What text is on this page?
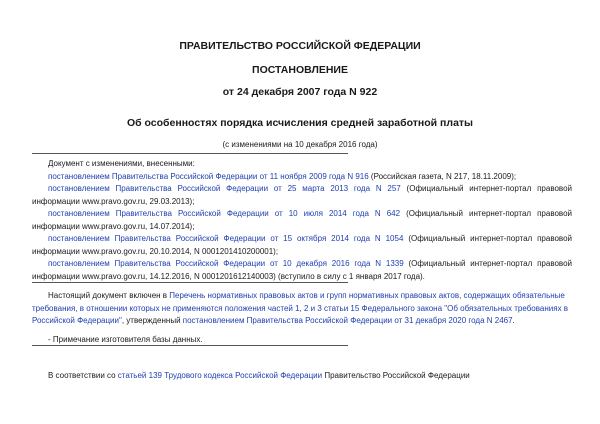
ПРАВИТЕЛЬСТВО РОССИЙСКОЙ ФЕДЕРАЦИИ
ПОСТАНОВЛЕНИЕ
от 24 декабря 2007 года N 922
Об особенностях порядка исчисления средней заработной платы
(с изменениями на 10 декабря 2016 года)
Документ с изменениями, внесенными:
постановлением Правительства Российской Федерации от 11 ноября 2009 года N 916 (Российская газета, N 217, 18.11.2009);
постановлением Правительства Российской Федерации от 25 марта 2013 года N 257 (Официальный интернет-портал правовой
информации www.pravo.gov.ru, 29.03.2013);
постановлением Правительства Российской Федерации от 10 июля 2014 года N 642 (Официальный интернет-портал правовой
информации www.pravo.gov.ru, 14.07.2014);
постановлением Правительства Российской Федерации от 15 октября 2014 года N 1054 (Официальный интернет-портал правовой
информации www.pravo.gov.ru, 20.10.2014, N 0001201410200001);
постановлением Правительства Российской Федерации от 10 декабря 2016 года N 1339 (Официальный интернет-портал правовой
информации www.pravo.gov.ru, 14.12.2016, N 0001201612140003) (вступило в силу с 1 января 2017 года).
Настоящий документ включен в Перечень нормативных правовых актов и групп нормативных правовых актов, содержащих обязательные
требования, в отношении которых не применяются положения частей 1, 2 и 3 статьи 15 Федерального закона "Об обязательных требованиях в
Российской Федерации", утвержденный постановлением Правительства Российской Федерации от 31 декабря 2020 года N 2467.
- Примечание изготовителя базы данных.
В соответствии со статьей 139 Трудового кодекса Российской Федерации Правительство Российской Федерации
